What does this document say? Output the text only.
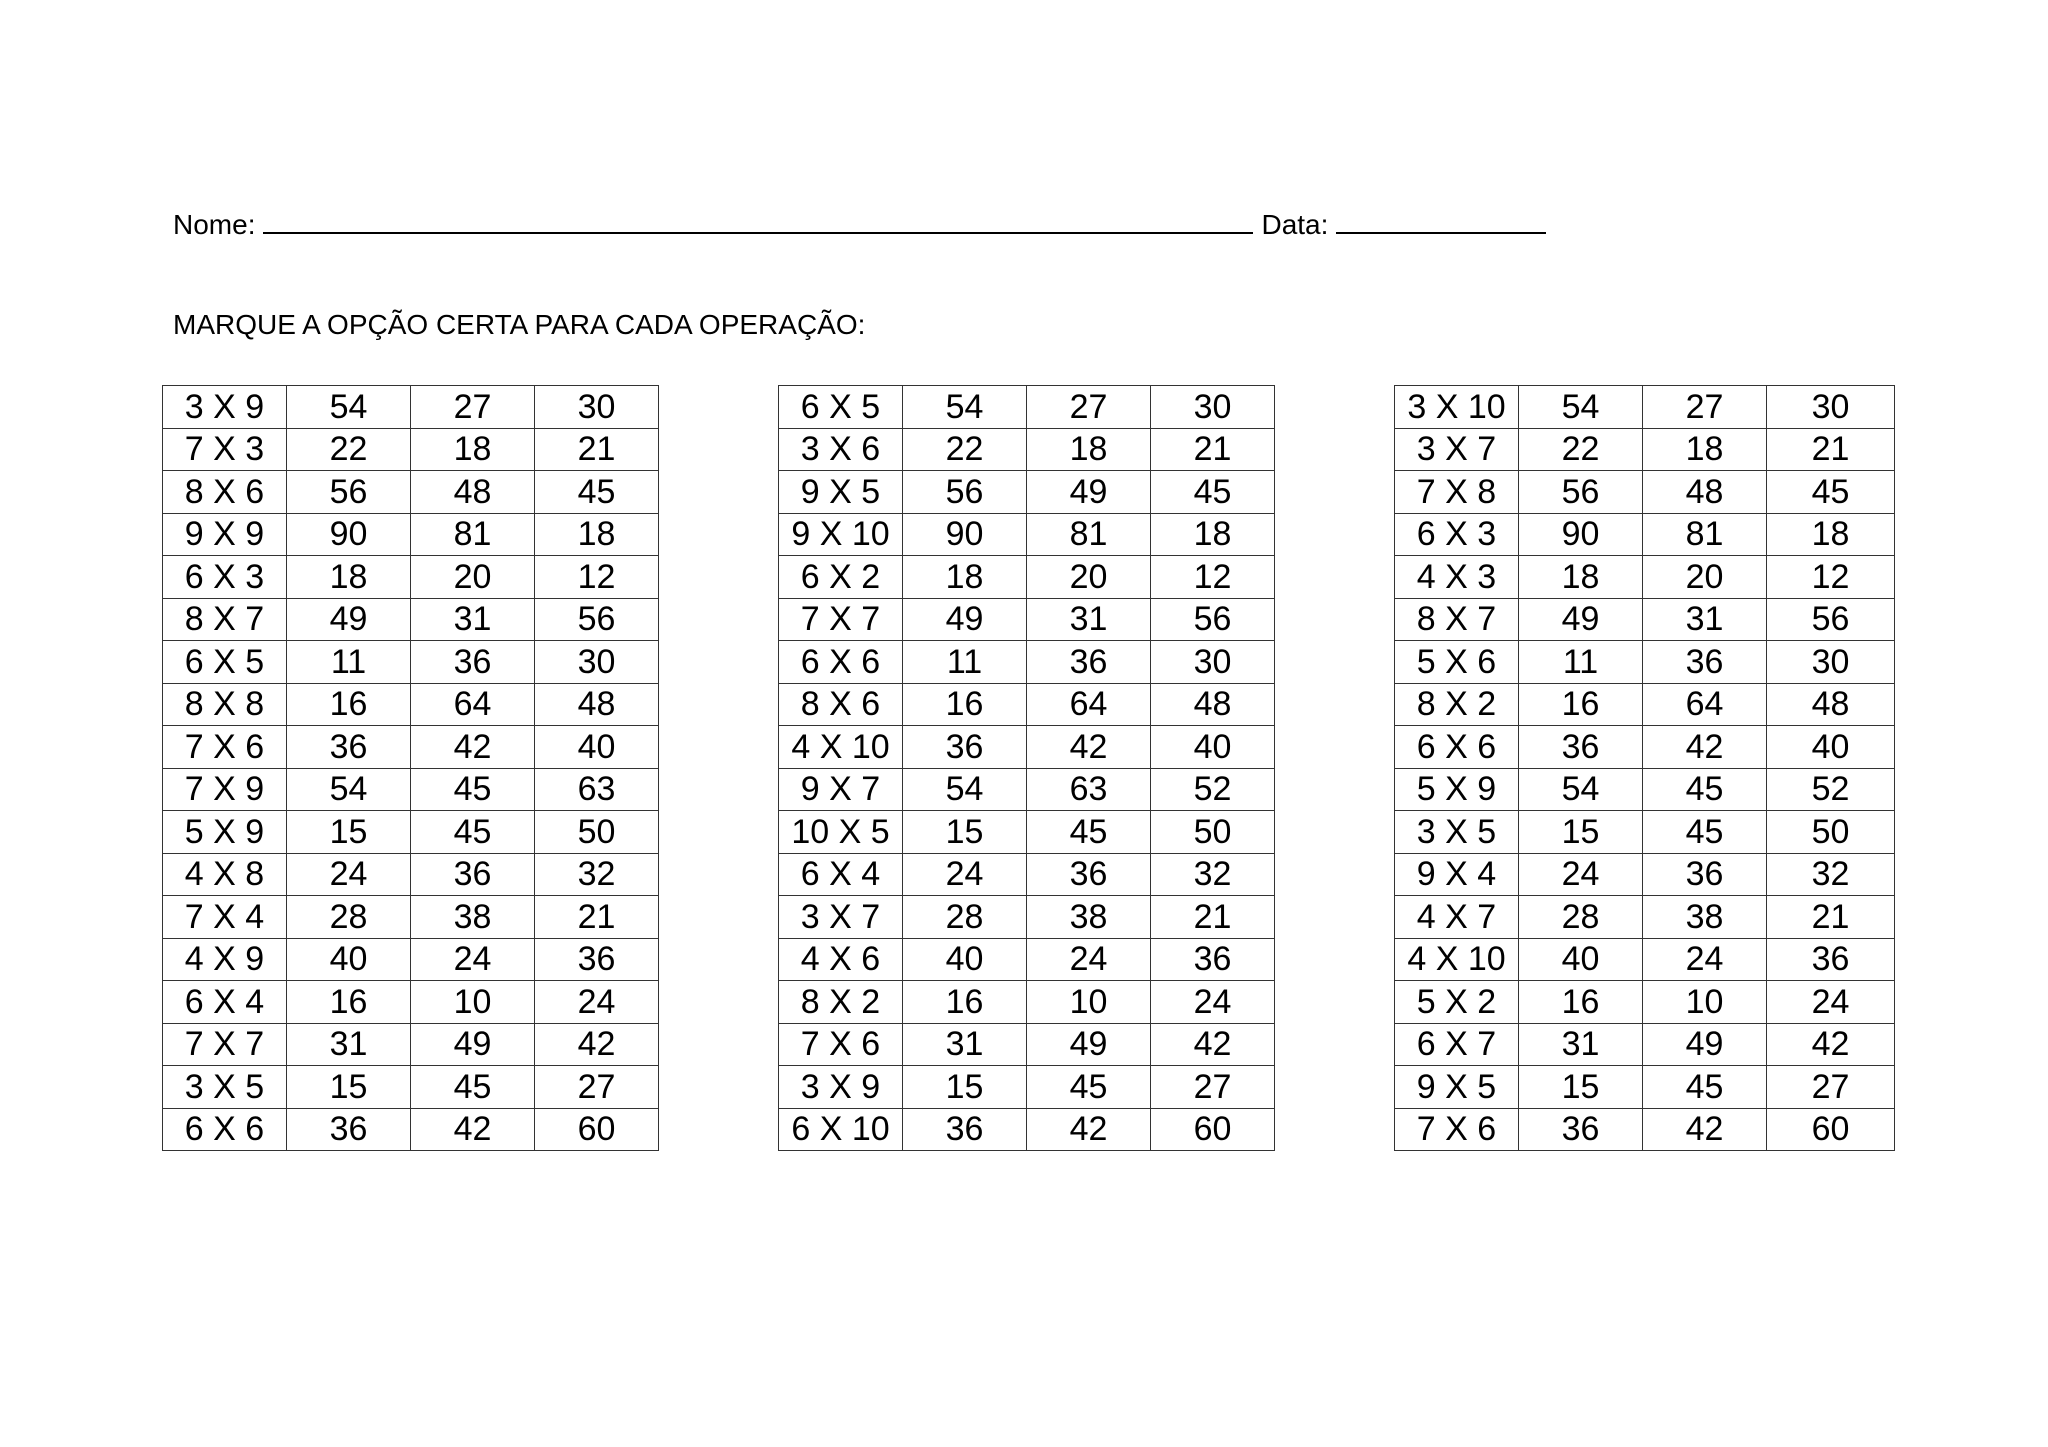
Nome:	Data:
MARQUE A OPÇÃO CERTA PARA CADA OPERAÇÃO:
3 X 9	54	27	30
7 X 3	22	18	21
8 X 6	56	48	45
9 X 9	90	81	18
6 X 3	18	20	12
8 X 7	49	31	56
6 X 5	11	36	30
8 X 8	16	64	48
7 X 6	36	42	40
7 X 9	54	45	63
5 X 9	15	45	50
4 X 8	24	36	32
7 X 4	28	38	21
4 X 9	40	24	36
6 X 4	16	10	24
7 X 7	31	49	42
3 X 5	15	45	27
6 X 6	36	42	60
6 X 5	54	27	30
3 X 6	22	18	21
9 X 5	56	49	45
9 X 10	90	81	18
6 X 2	18	20	12
7 X 7	49	31	56
6 X 6	11	36	30
8 X 6	16	64	48
4 X 10	36	42	40
9 X 7	54	63	52
10 X 5	15	45	50
6 X 4	24	36	32
3 X 7	28	38	21
4 X 6	40	24	36
8 X 2	16	10	24
7 X 6	31	49	42
3 X 9	15	45	27
6 X 10	36	42	60
3 X 10	54	27	30
3 X 7	22	18	21
7 X 8	56	48	45
6 X 3	90	81	18
4 X 3	18	20	12
8 X 7	49	31	56
5 X 6	11	36	30
8 X 2	16	64	48
6 X 6	36	42	40
5 X 9	54	45	52
3 X 5	15	45	50
9 X 4	24	36	32
4 X 7	28	38	21
4 X 10	40	24	36
5 X 2	16	10	24
6 X 7	31	49	42
9 X 5	15	45	27
7 X 6	36	42	60
